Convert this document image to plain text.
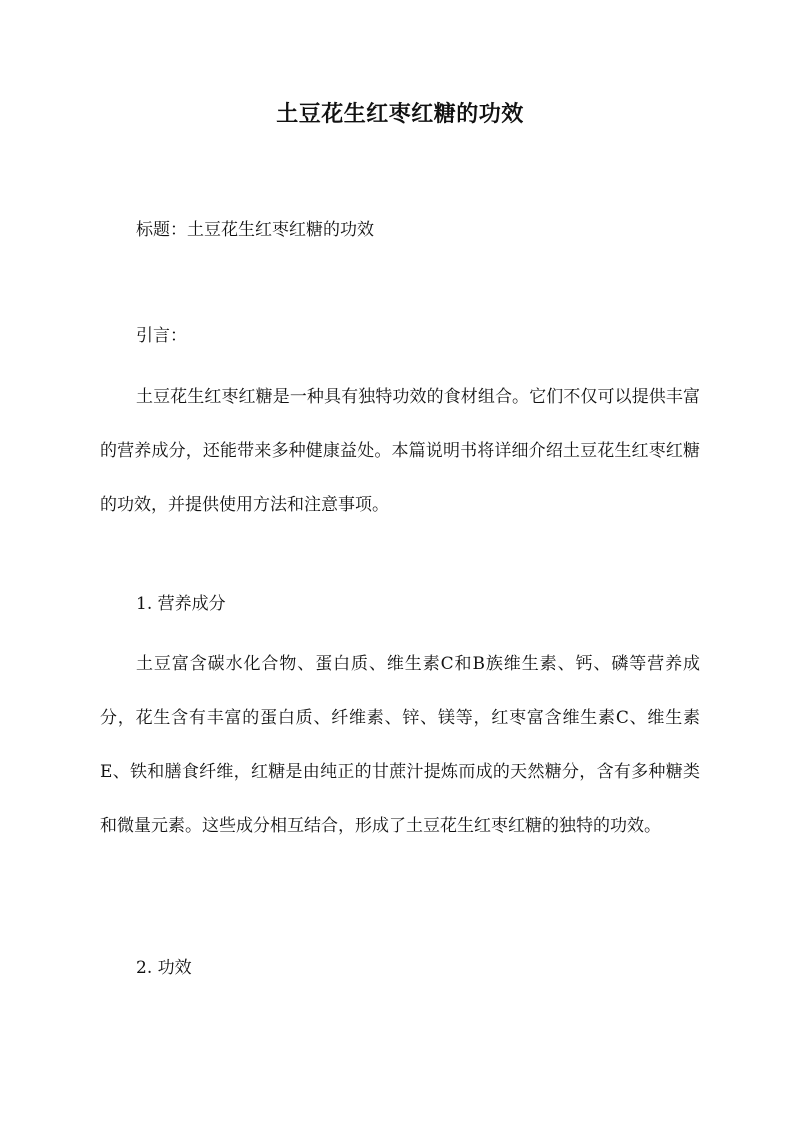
土豆花生红枣红糖的功效
标题：土豆花生红枣红糖的功效
引言：

土豆花生红枣红糖是一种具有独特功效的食材组合。它们不仅可以提供丰富的营养成分，还能带来多种健康益处。本篇说明书将详细介绍土豆花生红枣红糖的功效，并提供使用方法和注意事项。

1. 营养成分

土豆富含碳水化合物、蛋白质、维生素C和B族维生素、钙、磷等营养成分，花生含有丰富的蛋白质、纤维素、锌、镁等，红枣富含维生素C、维生素E、铁和膳食纤维，红糖是由纯正的甘蔗汁提炼而成的天然糖分，含有多种糖类和微量元素。这些成分相互结合，形成了土豆花生红枣红糖的独特的功效。

2. 功效
